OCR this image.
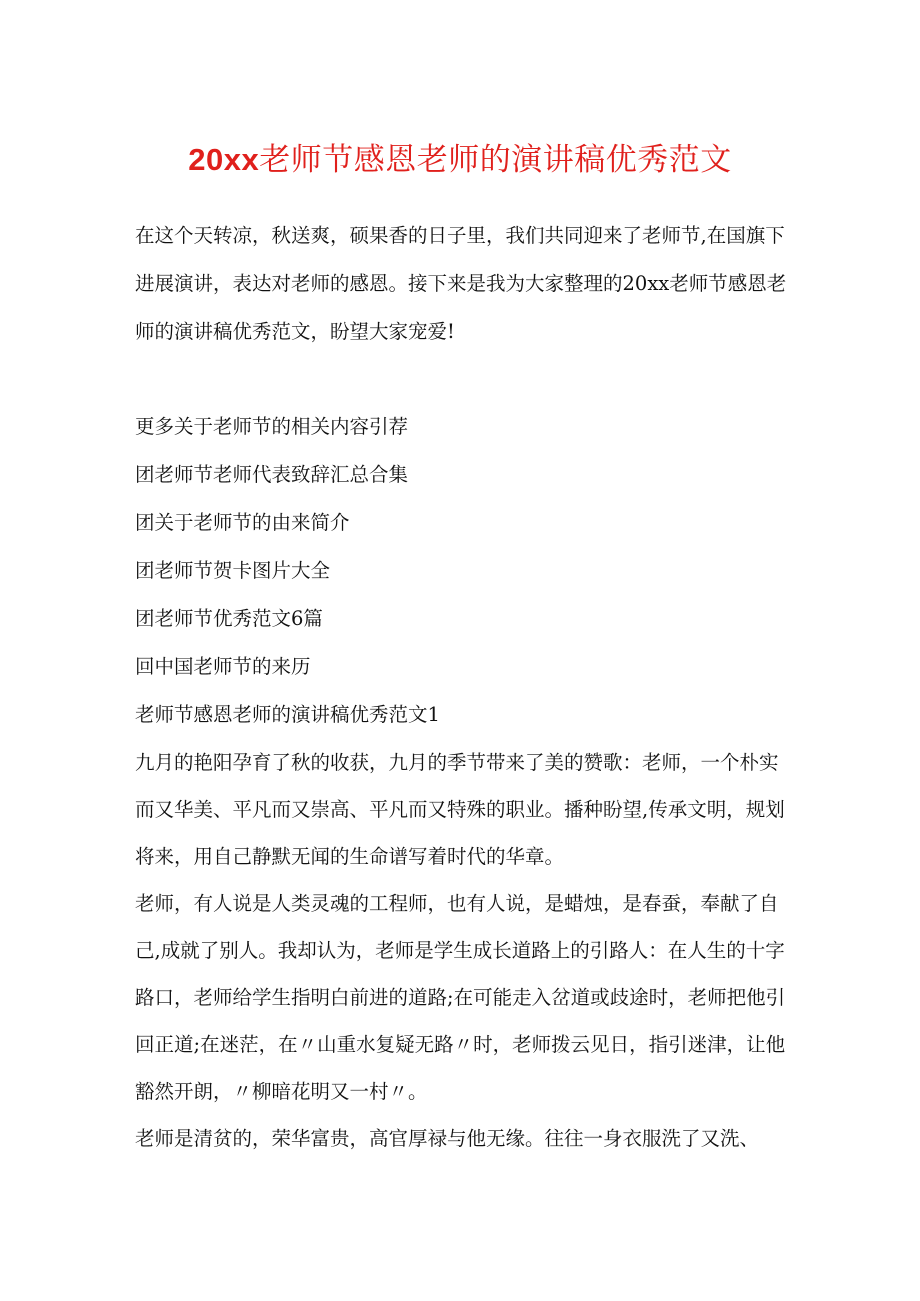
20xx老师节感恩老师的演讲稿优秀范文

在这个天转凉，秋送爽，硕果香的日子里，我们共同迎来了老师节,在国旗下进展演讲，表达对老师的感恩。接下来是我为大家整理的20xx老师节感恩老师的演讲稿优秀范文，盼望大家宠爱!

更多关于老师节的相关内容引荐

团老师节老师代表致辞汇总合集

团关于老师节的由来简介

团老师节贺卡图片大全

团老师节优秀范文6篇

回中国老师节的来历

老师节感恩老师的演讲稿优秀范文1

九月的艳阳孕育了秋的收获，九月的季节带来了美的赞歌：老师，一个朴实而又华美、平凡而又崇高、平凡而又特殊的职业。播种盼望,传承文明，规划将来，用自己静默无闻的生命谱写着时代的华章。

老师，有人说是人类灵魂的工程师，也有人说，是蜡烛，是春蚕，奉献了自己,成就了别人。我却认为，老师是学生成长道路上的引路人：在人生的十字路口，老师给学生指明白前进的道路;在可能走入岔道或歧途时，老师把他引回正道;在迷茫，在〃山重水复疑无路〃时，老师拨云见日，指引迷津，让他豁然开朗，〃柳暗花明又一村〃。

老师是清贫的，荣华富贵，高官厚禄与他无缘。往往一身衣服洗了又洗、
